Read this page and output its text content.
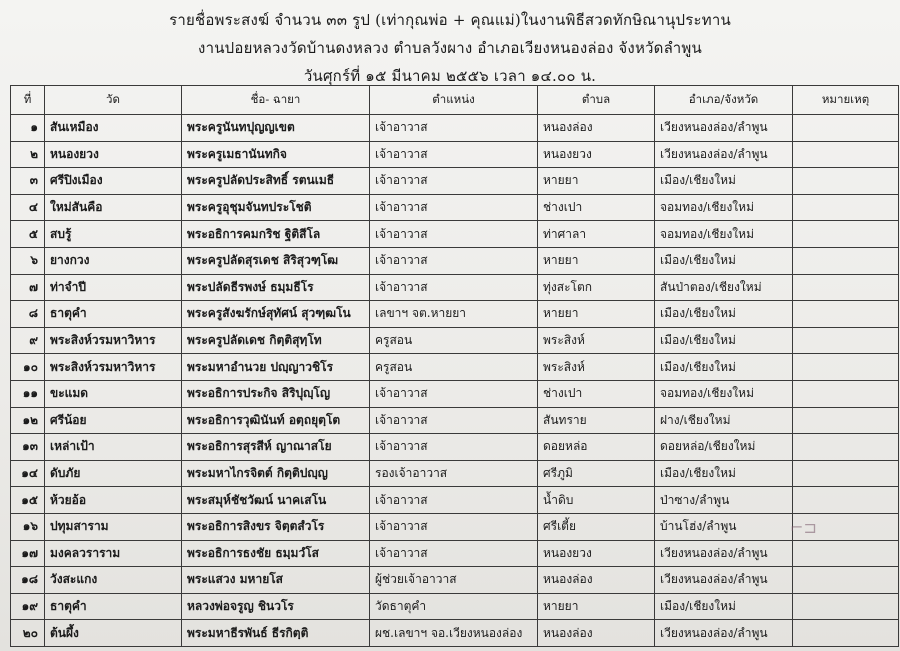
รายชื่อพระสงฆ์ จำนวน ๓๓ รูป (เท่ากุณพ่อ + คุณแม่)ในงานพิธีสวดทักษิณานุประทาน
งานปอยหลวงวัดบ้านดงหลวง ตำบลวังผาง อำเภอเวียงหนองล่อง จังหวัดลำพูน
วันศุกร์ที่ ๑๕ มีนาคม ๒๕๕๖ เวลา ๑๔.๐๐ น.
ที่	วัด	ชื่อ- ฉายา	ตำแหน่ง	ตำบล	อำเภอ/จังหวัด	หมายเหตุ
๑	สันเหมือง	พระครูนันทปุญญเขต	เจ้าอาวาส	หนองล่อง	เวียงหนองล่อง/ลำพูน	
๒	หนองยวง	พระครูเมธานันทกิจ	เจ้าอาวาส	หนองยวง	เวียงหนองล่อง/ลำพูน	
๓	ศรีปิงเมือง	พระครูปลัดประสิทธิ์ รตนเมธี	เจ้าอาวาส	หายยา	เมือง/เชียงใหม่	
๔	ใหม่สันคือ	พระครูอุชุมจันทประโชติ	เจ้าอาวาส	ช่างเปา	จอมทอง/เชียงใหม่	
๕	สบรู้	พระอธิการคมกริช ฐิติสีโล	เจ้าอาวาส	ท่าศาลา	จอมทอง/เชียงใหม่	
๖	ยางกวง	พระครูปลัดสุรเดช สิริสุวฑฺโฒ	เจ้าอาวาส	หายยา	เมือง/เชียงใหม่	
๗	ท่าจำปี	พระปลัดธีรพงษ์ ธมฺมธีโร	เจ้าอาวาส	ทุ่งสะโตก	สันป่าตอง/เชียงใหม่	
๘	ธาตุคำ	พระครูสังฆรักษ์สุทัศน์ สุวฑฺฒโน	เลขาฯ จต.หายยา	หายยา	เมือง/เชียงใหม่	
๙	พระสิงห์วรมหาวิหาร	พระครูปลัดเดช กิตฺติสุทฺโท	ครูสอน	พระสิงห์	เมือง/เชียงใหม่	
๑๐	พระสิงห์วรมหาวิหาร	พระมหาอำนวย ปญฺญาวชิโร	ครูสอน	พระสิงห์	เมือง/เชียงใหม่	
๑๑	ขะแมด	พระอธิการประกิจ สิริปุญฺโญ	เจ้าอาวาส	ช่างเปา	จอมทอง/เชียงใหม่	
๑๒	ศรีน้อย	พระอธิการวุฒินันท์ อตฺถยุตฺโต	เจ้าอาวาส	สันทราย	ฝาง/เชียงใหม่	
๑๓	เหล่าเป้า	พระอธิการสุรสีห์ ญาณาสโย	เจ้าอาวาส	ดอยหล่อ	ดอยหล่อ/เชียงใหม่	
๑๔	ดับภัย	พระมหาไกรจิตต์ กิตฺติปญฺญ	รองเจ้าอาวาส	ศรีภูมิ	เมือง/เชียงใหม่	
๑๕	ห้วยอ้อ	พระสมุห์ชัชวัฒน์ นาคเสโน	เจ้าอาวาส	น้ำดิบ	ป่าซาง/ลำพูน	
๑๖	ปทุมสาราม	พระอธิการสิงขร จิตฺตสํวโร	เจ้าอาวาส	ศรีเตี้ย	บ้านโฮ่ง/ลำพูน	
๑๗	มงคลวราราม	พระอธิการธงชัย ธมฺมวํโส	เจ้าอาวาส	หนองยวง	เวียงหนองล่อง/ลำพูน	
๑๘	วังสะแกง	พระแสวง มหายโส	ผู้ช่วยเจ้าอาวาส	หนองล่อง	เวียงหนองล่อง/ลำพูน	
๑๙	ธาตุคำ	หลวงพ่อจรูญ ชินวโร	วัดธาตุคำ	หายยา	เมือง/เชียงใหม่	
๒๐	ต้นผึ้ง	พระมหาธีรพันธ์ ธีรกิตฺติ	ผช.เลขาฯ จอ.เวียงหนองล่อง	หนองล่อง	เวียงหนองล่อง/ลำพูน	
⌐⊐
